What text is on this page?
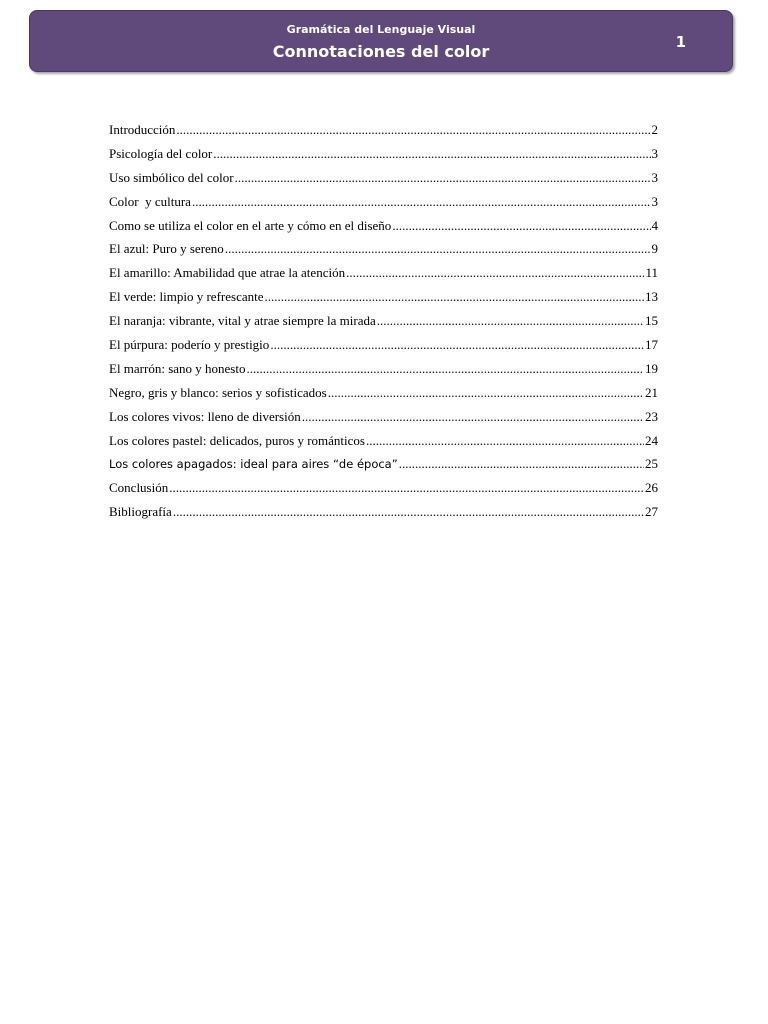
Gramática del Lenguaje Visual
Connotaciones del color	1
Introducción .....	2
Psicología del color .....	3
Uso simbólico del color .....	3
Color  y cultura .....	3
Como se utiliza el color en el arte y cómo en el diseño .....	4
El azul: Puro y sereno .....	9
El amarillo: Amabilidad que atrae la atención .....	11
El verde: limpio y refrescante .....	13
El naranja: vibrante, vital y atrae siempre la mirada .....	15
El púrpura: poderío y prestigio .....	17
El marrón: sano y honesto .....	19
Negro, gris y blanco: serios y sofisticados .....	21
Los colores vivos: lleno de diversión .....	23
Los colores pastel: delicados, puros y románticos .....	24
Los colores apagados: ideal para aires “de época” .....	25
Conclusión .....	26
Bibliografía .....	27
